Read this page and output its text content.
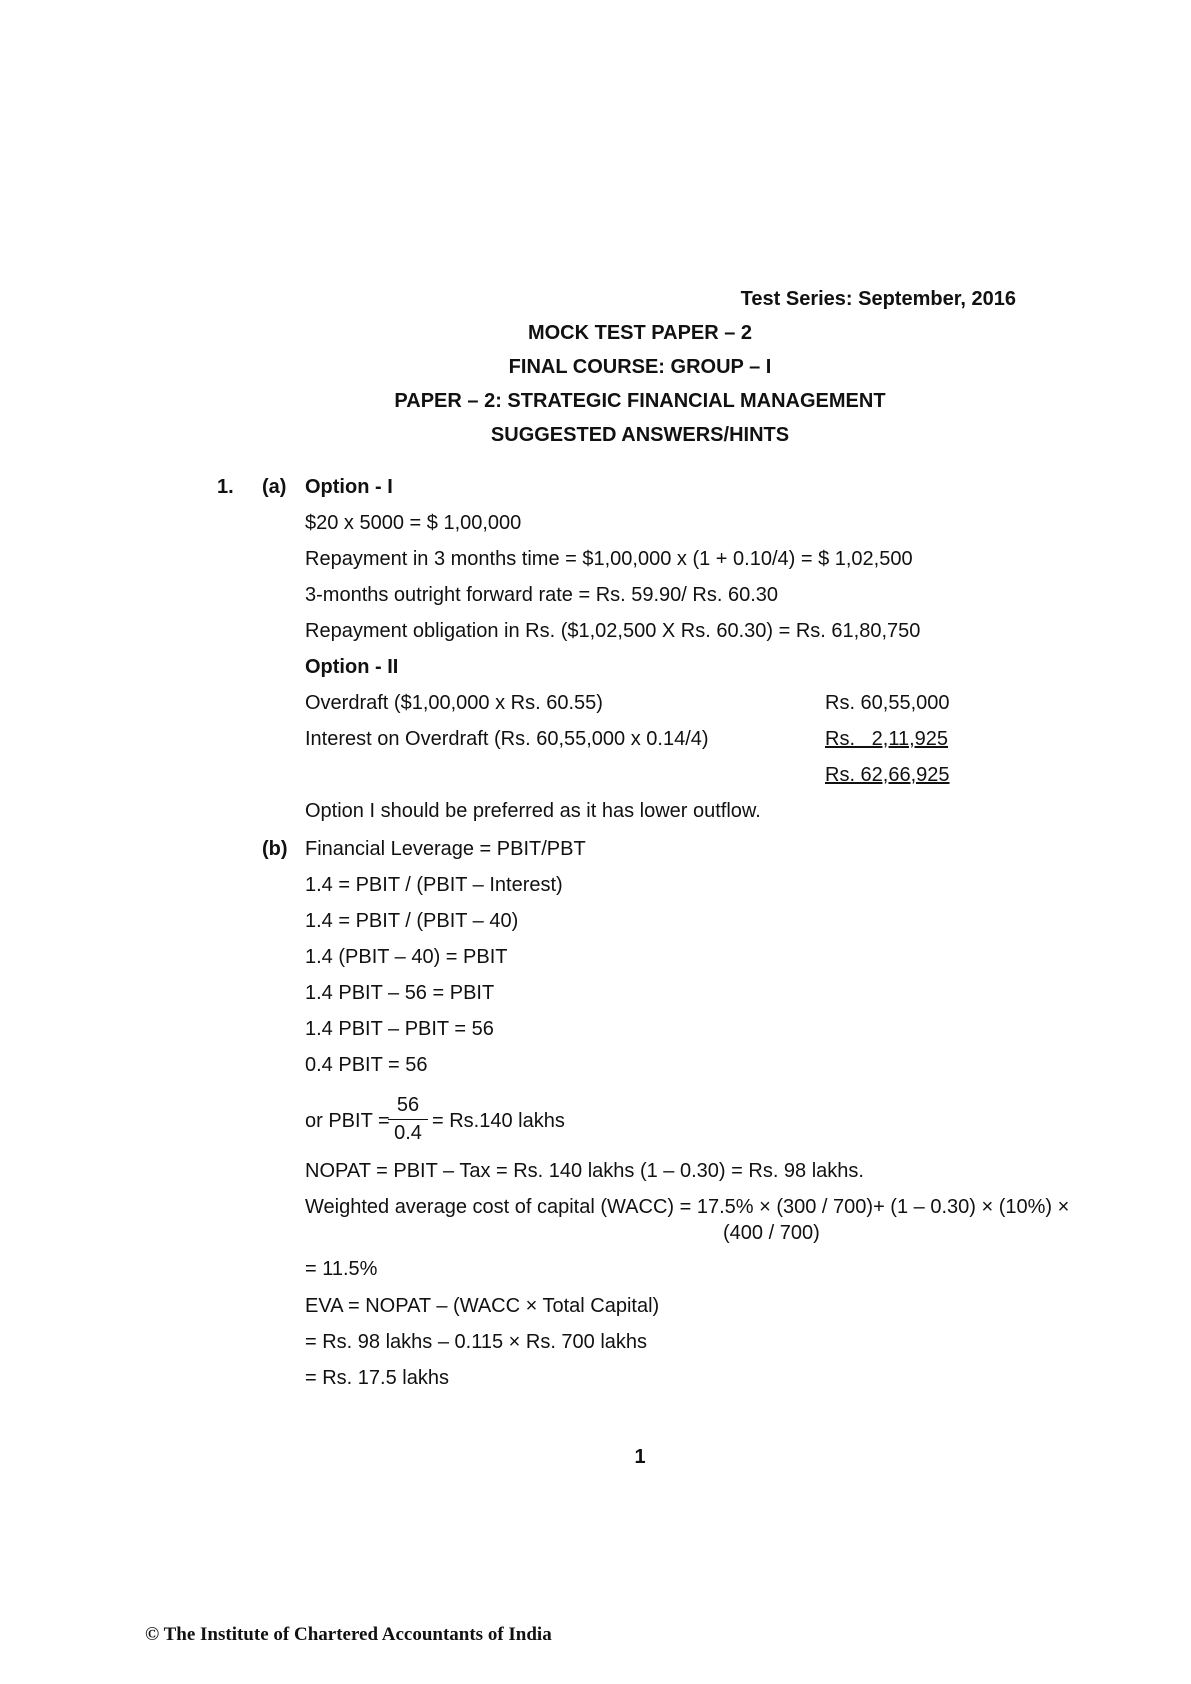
Test Series: September, 2016
MOCK TEST PAPER – 2
FINAL COURSE: GROUP – I
PAPER – 2: STRATEGIC FINANCIAL MANAGEMENT
SUGGESTED ANSWERS/HINTS
1. (a) Option - I
$20 x 5000 = $ 1,00,000
Repayment in 3 months time = $1,00,000 x (1 + 0.10/4) = $ 1,02,500
3-months outright forward rate = Rs. 59.90/ Rs. 60.30
Repayment obligation in Rs. ($1,02,500 X Rs. 60.30) = Rs. 61,80,750
Option - II
Overdraft ($1,00,000 x Rs. 60.55)	Rs. 60,55,000
Interest on Overdraft (Rs. 60,55,000 x 0.14/4)	Rs.   2,11,925
Rs. 62,66,925
Option I should be preferred as it has lower outflow.
(b) Financial Leverage = PBIT/PBT
1.4 = PBIT / (PBIT – Interest)
1.4 = PBIT / (PBIT – 40)
1.4 (PBIT – 40) = PBIT
1.4 PBIT – 56 = PBIT
1.4 PBIT – PBIT = 56
0.4 PBIT = 56
or PBIT =
$\frac{56}{0.4} = Rs.140$ lakhs
NOPAT = PBIT – Tax = Rs. 140 lakhs (1 – 0.30) = Rs. 98 lakhs.
Weighted average cost of capital (WACC) = 17.5% × (300 / 700)+ (1 – 0.30) × (10%) ×
(400 / 700)
= 11.5%
EVA = NOPAT – (WACC × Total Capital)
= Rs. 98 lakhs – 0.115 × Rs. 700 lakhs
= Rs. 17.5 lakhs
1
© The Institute of Chartered Accountants of India
